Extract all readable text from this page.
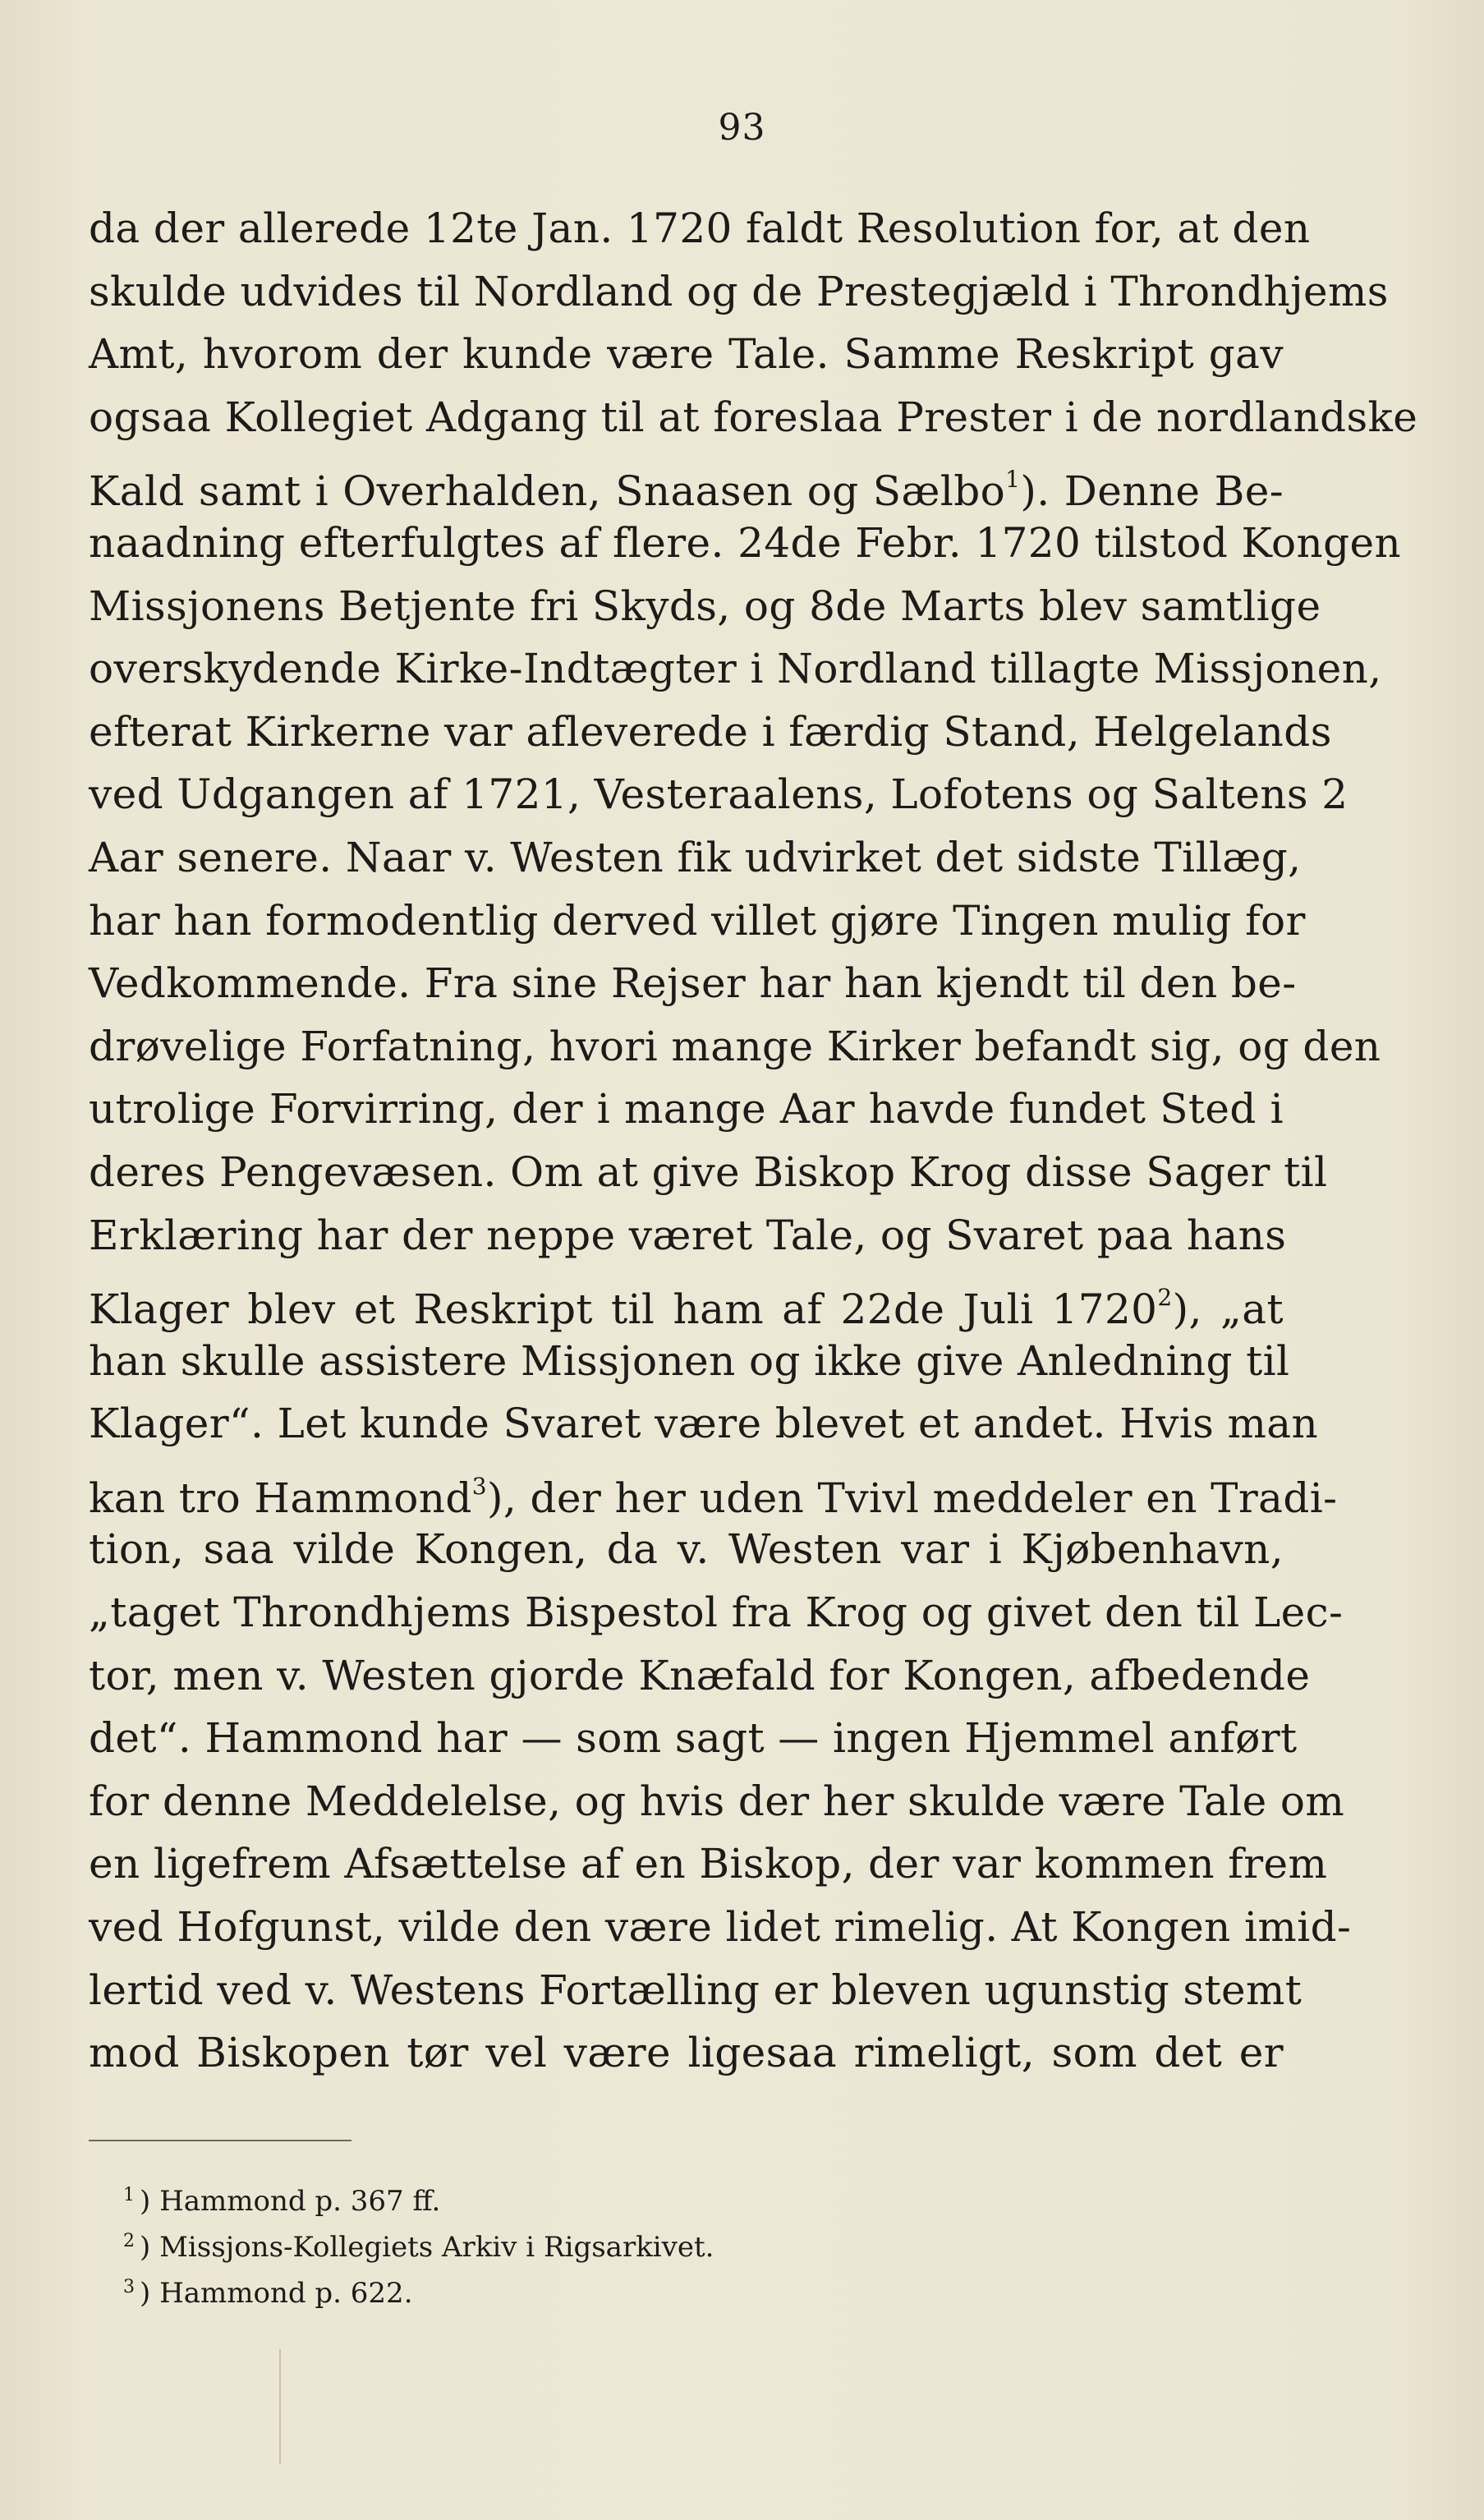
93
da der allerede 12te Jan. 1720 faldt Resolution for, at den
skulde udvides til Nordland og de Prestegjæld i Throndhjems
Amt, hvorom der kunde være Tale. Samme Reskript gav
ogsaa Kollegiet Adgang til at foreslaa Prester i de nordlandske
Kald samt i Overhalden, Snaasen og Sælbo$^1$). Denne Be-
naadning efterfulgtes af flere. 24de Febr. 1720 tilstod Kongen
Missjonens Betjente fri Skyds, og 8de Marts blev samtlige
overskydende Kirke-Indtægter i Nordland tillagte Missjonen,
efterat Kirkerne var afleverede i færdig Stand, Helgelands
ved Udgangen af 1721, Vesteraalens, Lofotens og Saltens 2
Aar senere. Naar v. Westen fik udvirket det sidste Tillæg,
har han formodentlig derved villet gjøre Tingen mulig for
Vedkommende. Fra sine Rejser har han kjendt til den be-
drøvelige Forfatning, hvori mange Kirker befandt sig, og den
utrolige Forvirring, der i mange Aar havde fundet Sted i
deres Pengevæsen. Om at give Biskop Krog disse Sager til
Erklæring har der neppe været Tale, og Svaret paa hans
Klager blev et Reskript til ham af 22de Juli 1720$^2$), „at
han skulle assistere Missjonen og ikke give Anledning til
Klager“. Let kunde Svaret være blevet et andet. Hvis man
kan tro Hammond$^3$), der her uden Tvivl meddeler en Tradi-
tion, saa vilde Kongen, da v. Westen var i Kjøbenhavn,
„taget Throndhjems Bispestol fra Krog og givet den til Lec-
tor, men v. Westen gjorde Knæfald for Kongen, afbedende
det“. Hammond har — som sagt — ingen Hjemmel anført
for denne Meddelelse, og hvis der her skulde være Tale om
en ligefrem Afsættelse af en Biskop, der var kommen frem
ved Hofgunst, vilde den være lidet rimelig. At Kongen imid-
lertid ved v. Westens Fortælling er bleven ugunstig stemt
mod Biskopen tør vel være ligesaa rimeligt, som det er
$^1$ ) Hammond p. 367 ff.
$^2$ ) Missjons-Kollegiets Arkiv i Rigsarkivet.
$^3$ ) Hammond p. 622.
